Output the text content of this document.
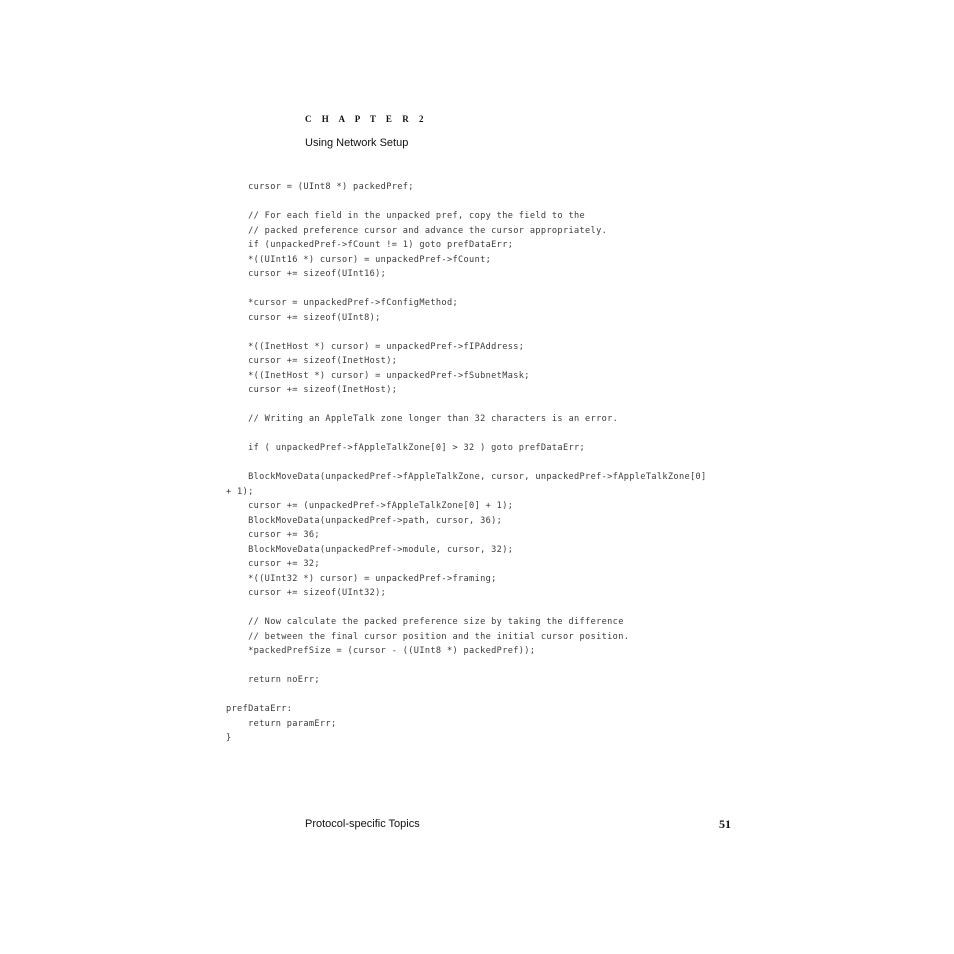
C H A P T E R 2
Using Network Setup
cursor = (UInt8 *) packedPref;
// For each field in the unpacked pref, copy the field to the
// packed preference cursor and advance the cursor appropriately.
if (unpackedPref->fCount != 1) goto prefDataErr;
*((UInt16 *) cursor) = unpackedPref->fCount;
cursor += sizeof(UInt16);
*cursor = unpackedPref->fConfigMethod;
cursor += sizeof(UInt8);
*((InetHost *) cursor) = unpackedPref->fIPAddress;
cursor += sizeof(InetHost);
*((InetHost *) cursor) = unpackedPref->fSubnetMask;
cursor += sizeof(InetHost);
// Writing an AppleTalk zone longer than 32 characters is an error.
if ( unpackedPref->fAppleTalkZone[0] > 32 ) goto prefDataErr;
BlockMoveData(unpackedPref->fAppleTalkZone, cursor, unpackedPref->fAppleTalkZone[0]
+ 1);
cursor += (unpackedPref->fAppleTalkZone[0] + 1);
BlockMoveData(unpackedPref->path, cursor, 36);
cursor += 36;
BlockMoveData(unpackedPref->module, cursor, 32);
cursor += 32;
*((UInt32 *) cursor) = unpackedPref->framing;
cursor += sizeof(UInt32);
// Now calculate the packed preference size by taking the difference
// between the final cursor position and the initial cursor position.
*packedPrefSize = (cursor - ((UInt8 *) packedPref));
return noErr;
prefDataErr:
return paramErr;
}
Protocol-specific Topics	51
